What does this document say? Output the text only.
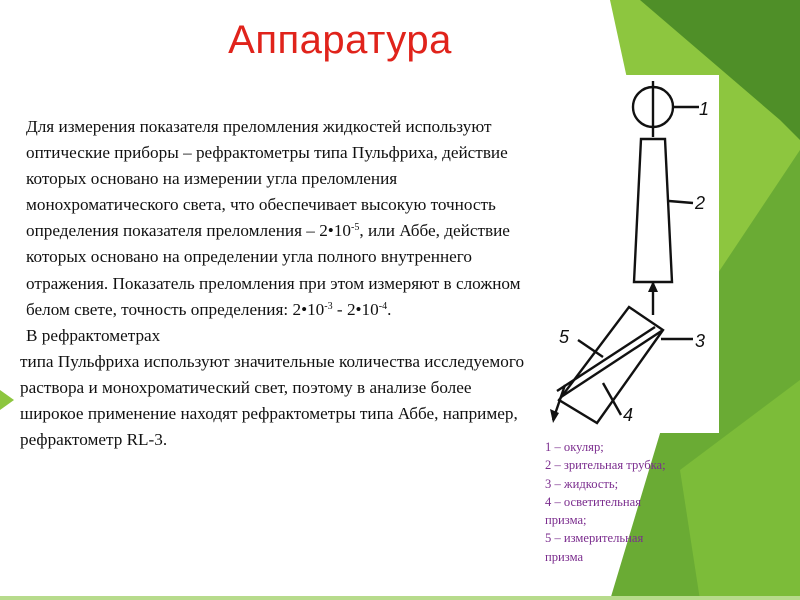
Аппаратура

Для измерения показателя преломления жидкостей используют оптические приборы – рефрактометры типа Пульфриха, действие которых основано на измерении угла преломления монохроматического света, что обеспечивает высокую точность определения показателя преломления – $2•10^{-5}$, или Аббе, действие которых основано на определении угла полного внутреннего отражения. Показатель преломления при этом измеряют в сложном белом свете, точность определения: $2•10^{-3}$ - $2•10^{-4}$.

В рефрактометрах

типа Пульфриха используют значительные количества исследуемого раствора и монохроматический свет, поэтому в анализе более широкое применение находят рефрактометры типа Аббе, например, рефрактометр RL-3.

1
2
3
4
5
1 – окуляр;
2 – зрительная трубка;
3 – жидкость;
4 – осветительная
призма;
5 – измерительная
призма
